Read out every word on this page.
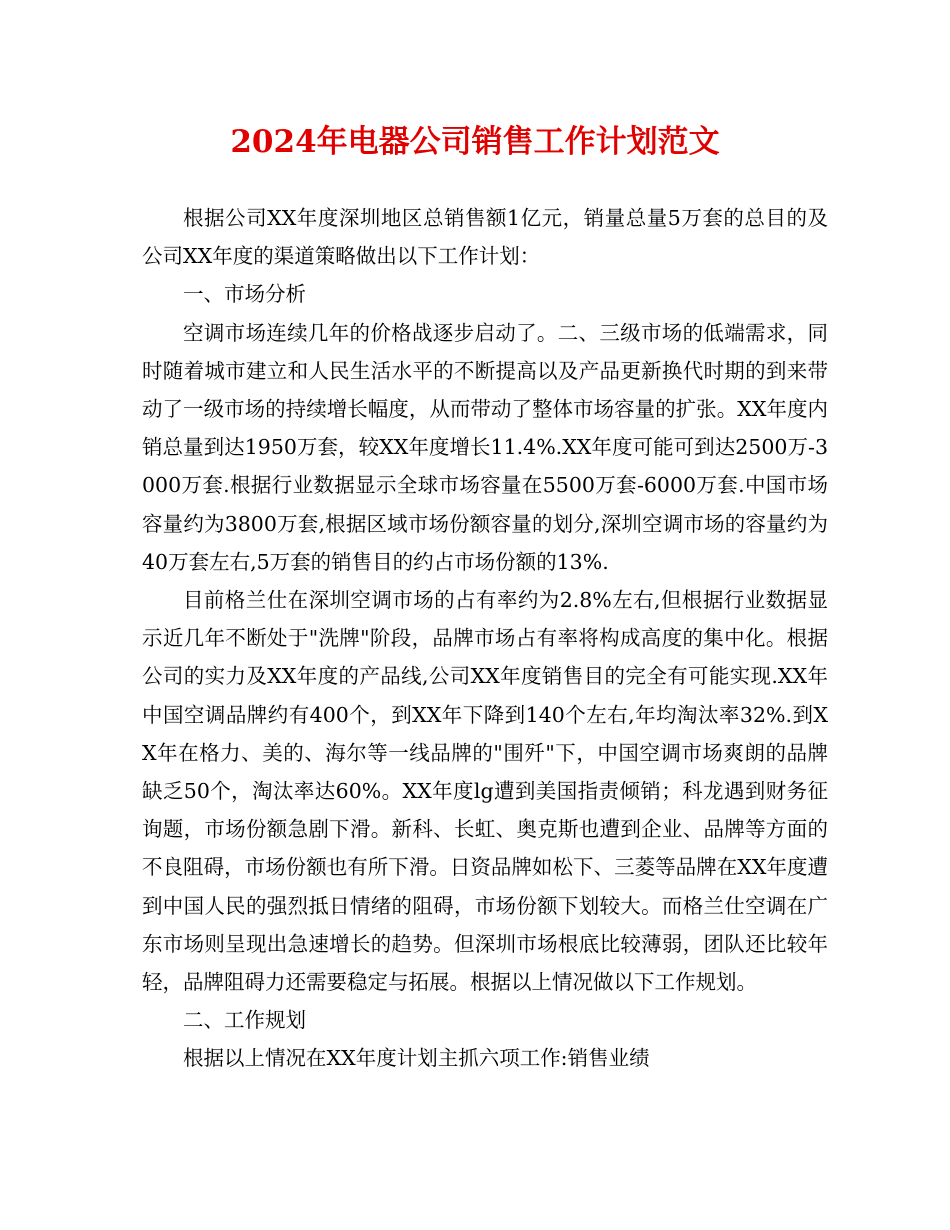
2024年电器公司销售工作计划范文

根据公司XX年度深圳地区总销售额1亿元，销量总量5万套的总目的及公司XX年度的渠道策略做出以下工作计划：

一、市场分析

空调市场连续几年的价格战逐步启动了。二、三级市场的低端需求，同时随着城市建立和人民生活水平的不断提高以及产品更新换代时期的到来带动了一级市场的持续增长幅度，从而带动了整体市场容量的扩张。XX年度内销总量到达1950万套，较XX年度增长11.4%.XX年度可能可到达2500万-3000万套.根据行业数据显示全球市场容量在5500万套-6000万套.中国市场容量约为3800万套,根据区域市场份额容量的划分,深圳空调市场的容量约为40万套左右,5万套的销售目的约占市场份额的13%.

目前格兰仕在深圳空调市场的占有率约为2.8%左右,但根据行业数据显示近几年不断处于"洗牌"阶段，品牌市场占有率将构成高度的集中化。根据公司的实力及XX年度的产品线,公司XX年度销售目的完全有可能实现.XX年中国空调品牌约有400个，到XX年下降到140个左右,年均淘汰率32%.到XX年在格力、美的、海尔等一线品牌的"围歼"下，中国空调市场爽朗的品牌缺乏50个，淘汰率达60%。XX年度lg遭到美国指责倾销；科龙遇到财务征询题，市场份额急剧下滑。新科、长虹、奥克斯也遭到企业、品牌等方面的不良阻碍，市场份额也有所下滑。日资品牌如松下、三菱等品牌在XX年度遭到中国人民的强烈抵日情绪的阻碍，市场份额下划较大。而格兰仕空调在广东市场则呈现出急速增长的趋势。但深圳市场根底比较薄弱，团队还比较年轻，品牌阻碍力还需要稳定与拓展。根据以上情况做以下工作规划。

二、工作规划

根据以上情况在XX年度计划主抓六项工作:销售业绩
